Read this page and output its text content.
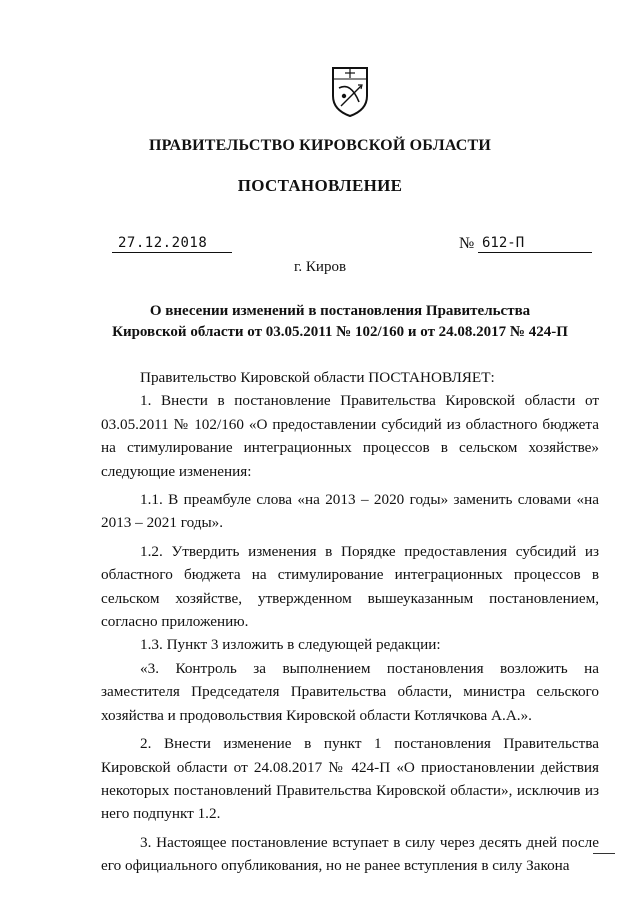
ПРАВИТЕЛЬСТВО КИРОВСКОЙ ОБЛАСТИ
ПОСТАНОВЛЕНИЕ
27.12.2018	№ 612-П
г. Киров
О внесении изменений в постановления Правительства
Кировской области от 03.05.2011 № 102/160 и от 24.08.2017 № 424-П

Правительство Кировской области ПОСТАНОВЛЯЕТ:

1. Внести в постановление Правительства Кировской области от 03.05.2011 № 102/160 «О предоставлении субсидий из областного бюджета на стимулирование интеграционных процессов в сельском хозяйстве» следующие изменения:

1.1. В преамбуле слова «на 2013 – 2020 годы» заменить словами «на 2013 – 2021 годы».

1.2. Утвердить изменения в Порядке предоставления субсидий из областного бюджета на стимулирование интеграционных процессов в сельском хозяйстве, утвержденном вышеуказанным постановлением, согласно приложению.

1.3. Пункт 3 изложить в следующей редакции:

«3. Контроль за выполнением постановления возложить на заместителя Председателя Правительства области, министра сельского хозяйства и продовольствия Кировской области Котлячкова А.А.».

2. Внести изменение в пункт 1 постановления Правительства Кировской области от 24.08.2017 № 424-П «О приостановлении действия некоторых постановлений Правительства Кировской области», исключив из него подпункт 1.2.

3. Настоящее постановление вступает в силу через десять дней после его официального опубликования, но не ранее вступления в силу Закона
